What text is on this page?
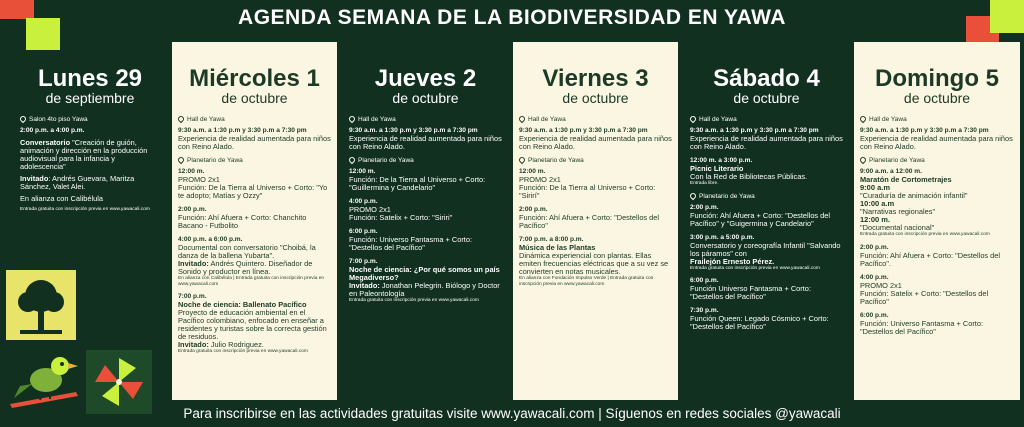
AGENDA SEMANA DE LA BIODIVERSIDAD EN YAWA
Lunes 29
de septiembre
Salon 4to piso Yawa
2:00 p.m. a 4:00 p.m.
Conversatorio "Creación de guión, animación y dirección en la producción audiovisual para la infancia y adolescencia"
Invitado: Andrés Guevara, Maritza Sánchez, Valet Alei.
En alianza con Calibélula
Entrada gratuita con inscripción previa en www.yawacali.com
Miércoles 1
de octubre
Hall de Yawa
9:30 a.m. a 1:30 p.m y 3:30 p.m a 7:30 pm
Experiencia de realidad aumentada para niños con Reino Alado.
Planetario de Yawa
12:00 m.
PROMO 2x1
Función: De la Tierra al Universo + Corto: "Yo te adopto; Matías y Ozzy"
2:00 p.m.
Función: Ahí Afuera + Corto: Chanchito Bacano - Futbolito
4:00 p.m. a 6:00 p.m.
Documental con conversatorio "Choibá, la danza de la ballena Yubarta".
Invitado: Andrés Quintero. Diseñador de Sonido y productor en línea.
En alianza con Calibélula | Entrada gratuita con inscripción previa en www.yawacali.com
7:00 p.m.
Noche de ciencia: Ballenato Pacífico
Proyecto de educación ambiental en el Pacífico colombiano, enfocado en enseñar a residentes y turistas sobre la correcta gestión de residuos.
Invitado: Julio Rodriguez.
Entrada gratuita con inscripción previa en www.yawacali.com
Jueves 2
de octubre
Hall de Yawa
9:30 a.m. a 1:30 p.m y 3:30 p.m a 7:30 pm
Experiencia de realidad aumentada para niños con Reino Alado.
Planetario de Yawa
12:00 m.
Función: De la Tierra al Universo + Corto: "Guillermina y Candelario"
4:00 p.m.
PROMO 2x1
Función: Satelix + Corto: "Siriri"
6:00 p.m.
Función: Universo Fantasma + Corto: "Destellos del Pacífico"
7:00 p.m.
Noche de ciencia: ¿Por qué somos un país Megadiverso?
Invitado: Jonathan Pelegrin. Biólogo y Doctor en Paleontología
Entrada gratuita con inscripción previa en www.yawacali.com
Viernes 3
de octubre
Hall de Yawa
9:30 a.m. a 1:30 p.m y 3:30 p.m a 7:30 pm
Experiencia de realidad aumentada para niños con Reino Alado.
Planetario de Yawa
12:00 m.
PROMO 2x1
Función: De la Tierra al Universo + Corto: "Sirirí"
2:00 p.m.
Función: Ahí Afuera + Corto: "Destellos del Pacífico"
7:00 p.m. a 8:00 p.m.
Música de las Plantas
Dinámica experiencial con plantas. Ellas emiten frecuencias eléctricas que a su vez se convierten en notas musicales.
En alianza con Fundación Impulso Verde | Entrada gratuita con inscripción previa en www.yawacali.com
Sábado 4
de octubre
Hall de Yawa
9:30 a.m. a 1:30 p.m y 3:30 p.m a 7:30 pm
Experiencia de realidad aumentada para niños con Reino Alado.
12:00 m. a 3:00 p.m.
Picnic Literario
Con la Red de Bibliotecas Públicas.
Entrada libre.
Planetario de Yawa
2:00 p.m.
Función: Ahí Afuera + Corto: "Destellos del Pacífico" y "Guigermina y Candelario"
3:00 p.m. a 5:00 p.m.
Conversatorio y coreografía Infantil "Salvando los páramos" con
Frailejón Ernesto Pérez.
Entrada gratuita con inscripción previa en www.yawacali.com
6:00 p.m.
Función Universo Fantasma + Corto: "Destellos del Pacífico"
7:30 p.m.
Función Queen: Legado Cósmico + Corto: "Destellos del Pacífico"
Domingo 5
de octubre
Hall de Yawa
9:30 a.m. a 1:30 p.m y 3:30 p.m a 7:30 pm
Experiencia de realidad aumentada para niños con Reino Alado.
Planetario de Yawa
9:00 a.m. a 12:00 m.
Maratón de Cortometrajes
9:00 a.m
"Curaduría de animación infantil"
10:00 a.m
"Narrativas regionales"
12:00 m.
"Documental nacional"
Entrada gratuita con inscripción previa en www.yawacali.com
2:00 p.m.
Función: Ahí Afuera + Corto: "Destellos del Pacífico".
4:00 p.m.
PROMO 2x1
Función: Satelix + Corto: "Destellos del Pacífico"
6:00 p.m.
Función: Universo Fantasma + Corto: "Destellos del Pacífico"
Para inscribirse en las actividades gratuitas visite www.yawacali.com | Síguenos en redes sociales @yawacali
